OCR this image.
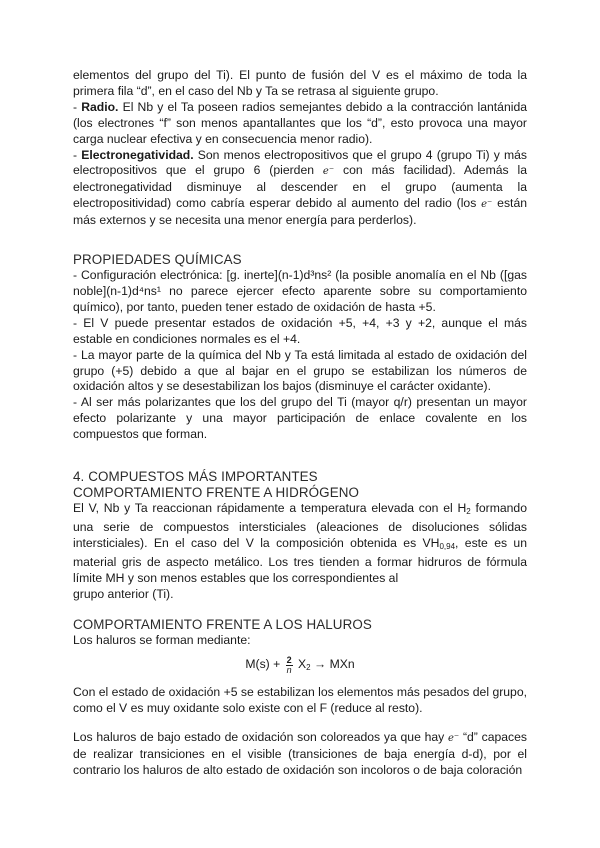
elementos del grupo del Ti). El punto de fusión del V es el máximo de toda la primera fila “d”, en el caso del Nb y Ta se retrasa al siguiente grupo.

- Radio. El Nb y el Ta poseen radios semejantes debido a la contracción lantánida (los electrones “f” son menos apantallantes que los “d”, esto provoca una mayor carga nuclear efectiva y en consecuencia menor radio).

- Electronegatividad. Son menos electropositivos que el grupo 4 (grupo Ti) y más electropositivos que el grupo 6 (pierden e⁻ con más facilidad). Además la electronegatividad disminuye al descender en el grupo (aumenta la electropositividad) como cabría esperar debido al aumento del radio (los e⁻ están más externos y se necesita una menor energía para perderlos).

PROPIEDADES QUÍMICAS

- Configuración electrónica: [g. inerte](n-1)d³ns² (la posible anomalía en el Nb ([gas noble](n-1)d⁴ns¹ no parece ejercer efecto aparente sobre su comportamiento químico), por tanto, pueden tener estado de oxidación de hasta +5.

- El V puede presentar estados de oxidación +5, +4, +3 y +2, aunque el más estable en condiciones normales es el +4.

- La mayor parte de la química del Nb y Ta está limitada al estado de oxidación del grupo (+5) debido a que al bajar en el grupo se estabilizan los números de oxidación altos y se desestabilizan los bajos (disminuye el carácter oxidante).

- Al ser más polarizantes que los del grupo del Ti (mayor q/r) presentan un mayor efecto polarizante y una mayor participación de enlace covalente en los compuestos que forman.

4. COMPUESTOS MÁS IMPORTANTES
COMPORTAMIENTO FRENTE A HIDRÓGENO

El V, Nb y Ta reaccionan rápidamente a temperatura elevada con el $H_2$ formando una serie de compuestos intersticiales (aleaciones de disoluciones sólidas intersticiales). En el caso del V la composición obtenida es $VH_{0,94}$, este es un material gris de aspecto metálico. Los tres tienden a formar hidruros de fórmula límite MH y son menos estables que los correspondientes al

grupo anterior (Ti).

COMPORTAMIENTO FRENTE A LOS HALUROS

Los haluros se forman mediante:

$M(s) + \frac{2}{n} X_2$ → MXn

Con el estado de oxidación +5 se estabilizan los elementos más pesados del grupo, como el V es muy oxidante solo existe con el F (reduce al resto).

Los haluros de bajo estado de oxidación son coloreados ya que hay e⁻ “d” capaces de realizar transiciones en el visible (transiciones de baja energía d-d), por el contrario los haluros de alto estado de oxidación son incoloros o de baja coloración
